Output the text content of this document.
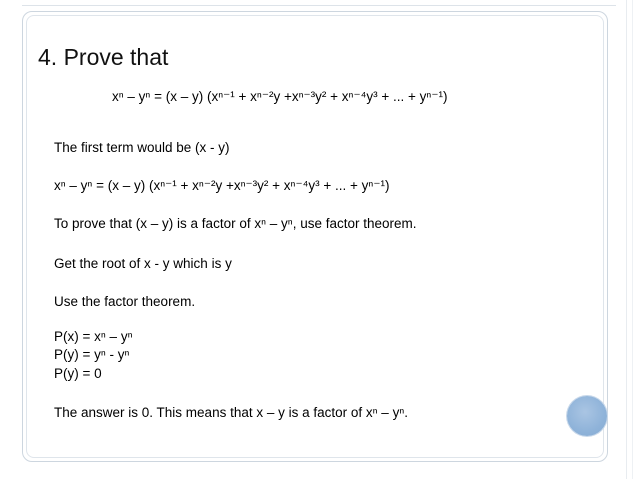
4. Prove that
xⁿ – yⁿ = (x – y) (xⁿ⁻¹ + xⁿ⁻²y +xⁿ⁻³y² + xⁿ⁻⁴y³ + ... + yⁿ⁻¹)
The first term would be (x - y)
xⁿ – yⁿ = (x – y) (xⁿ⁻¹ + xⁿ⁻²y +xⁿ⁻³y² + xⁿ⁻⁴y³ + ... + yⁿ⁻¹)
To prove that (x – y) is a factor of xⁿ – yⁿ, use factor theorem.
Get the root of x - y which is y
Use the factor theorem.
P(x) = xⁿ – yⁿ
P(y) = yⁿ - yⁿ
P(y) = 0
The answer is 0. This means that x – y is a factor of xⁿ – yⁿ.
